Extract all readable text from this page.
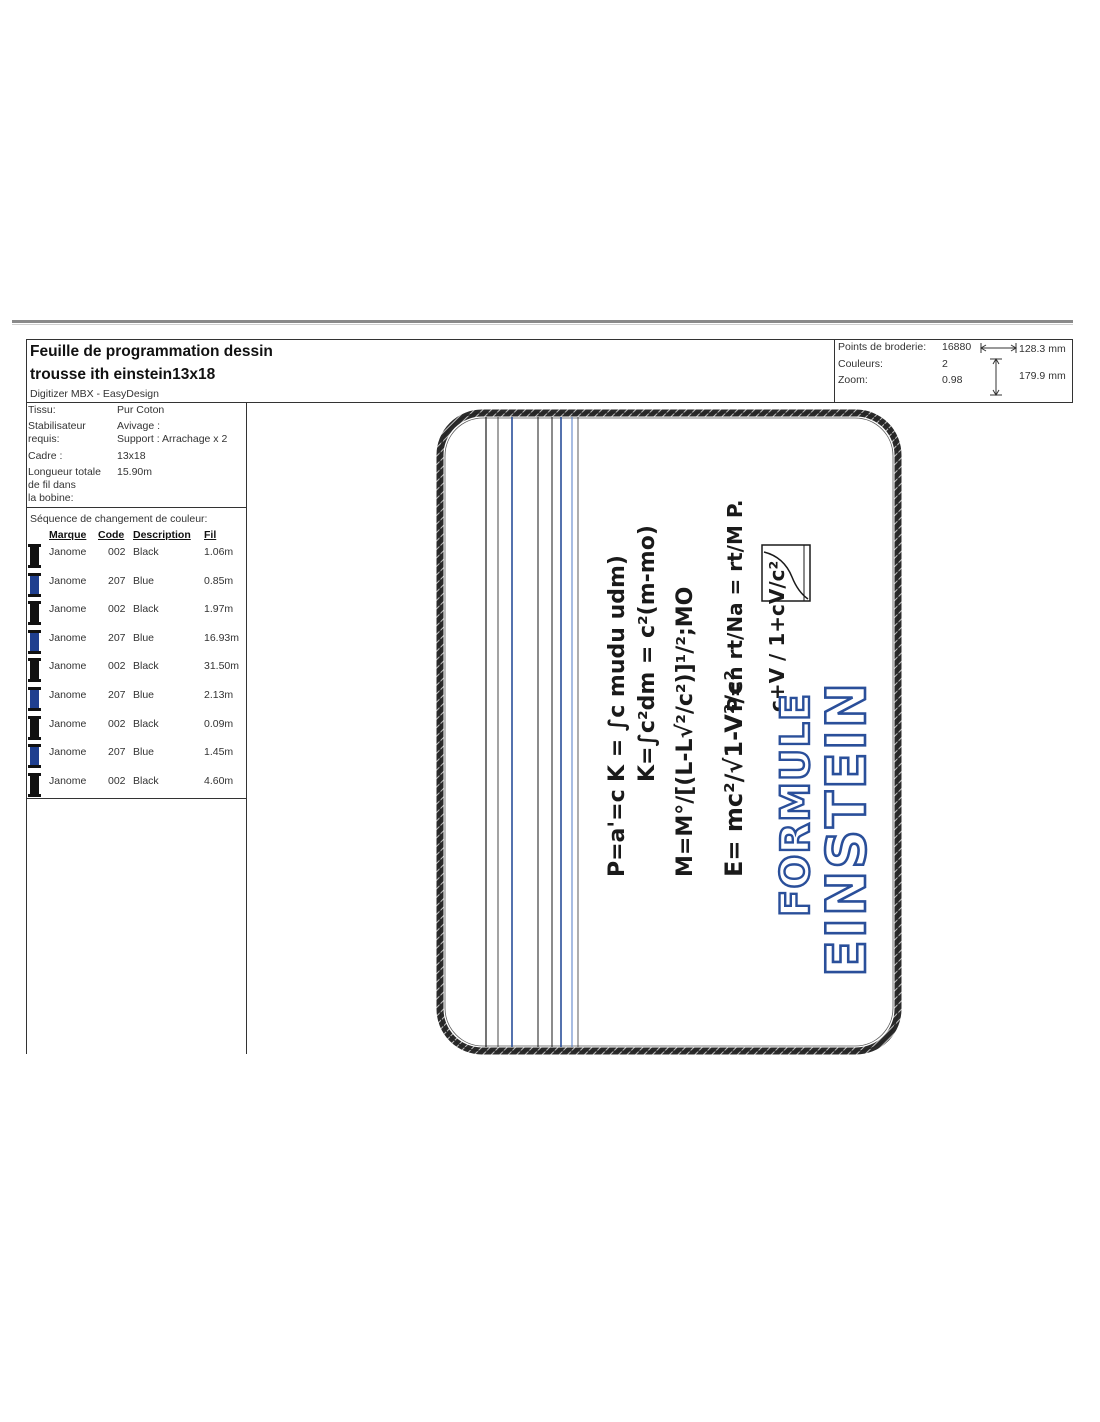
Feuille de programmation dessin
trousse ith einstein13x18
Digitizer MBX - EasyDesign
Points de broderie: 16880
Couleurs:	2
Zoom:	0.98
128.3 mm
179.9 mm
Tissu:	Pur Coton
Stabilisateur
requis:
Avivage :
Support : Arrachage x 2
Cadre :	13x18
Longueur totale
de fil dans
la bobine:
15.90m
Séquence de changement de couleur:
Marque Code Description Fil
Janome 002 Black	1.06m
Janome 207 Blue	0.85m
Janome 002 Black	1.97m
Janome 207 Blue	16.93m
Janome 002 Black	31.50m
Janome 207 Blue	2.13m
Janome 002 Black	0.09m
Janome 207 Blue	1.45m
Janome 002 Black	4.60m
P=a'=c
K = ∫c mudu udm) K=∫c²dm = c²(m-mo) M=M°/[(L-L√²/c²)]¹/²;MO E= mc²/√1-V²/c²
P=n rt/Na = rt/M P. c+V / 1+cV/c²
FORMULE
EINSTEIN
